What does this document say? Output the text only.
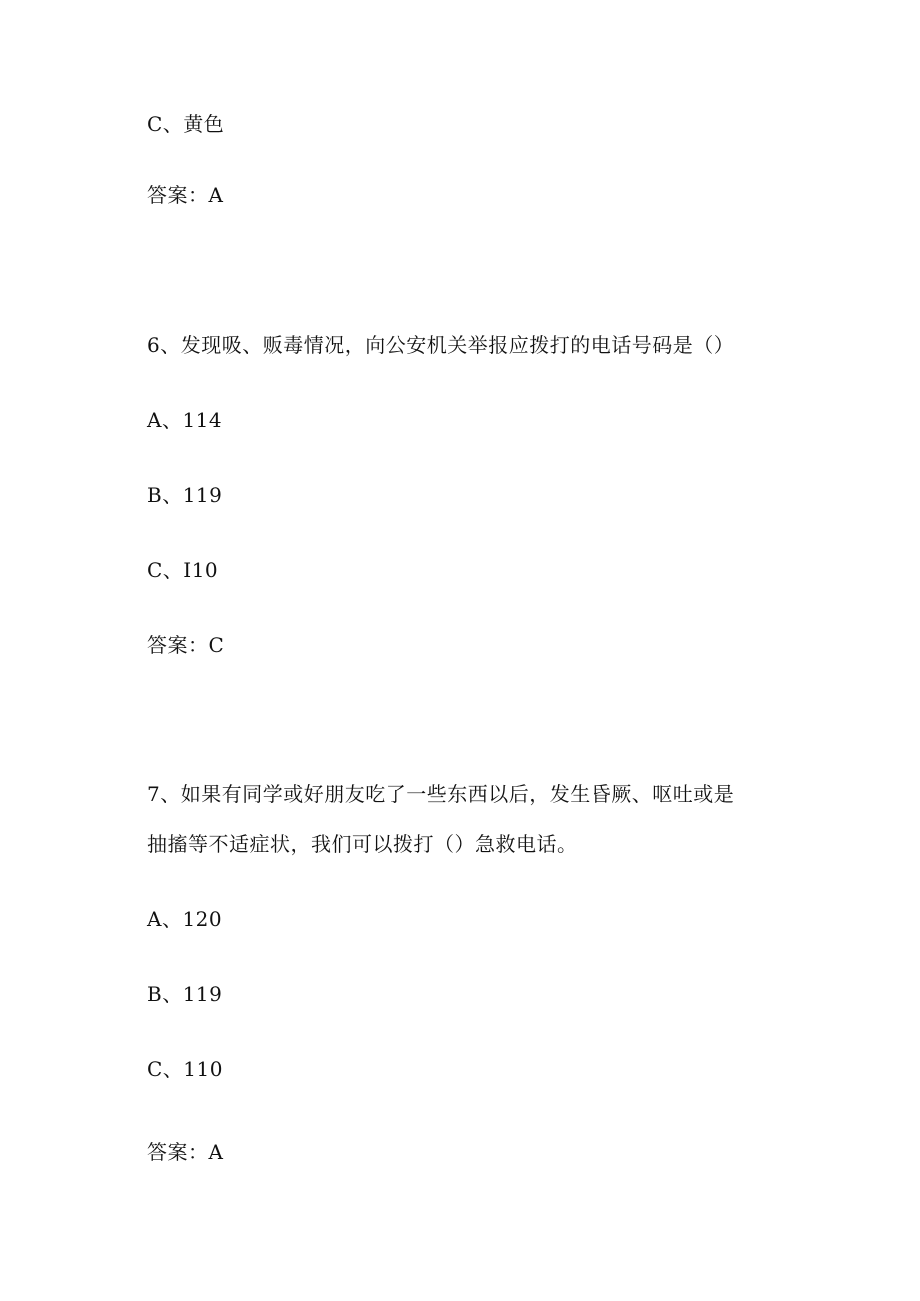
C、黄色
答案：A
6、发现吸、贩毒情况，向公安机关举报应拨打的电话号码是（）
A、114
B、119
C、I10
答案：C
7、如果有同学或好朋友吃了一些东西以后，发生昏厥、呕吐或是
抽搐等不适症状，我们可以拨打（）急救电话。
A、120
B、119
C、110
答案：A
